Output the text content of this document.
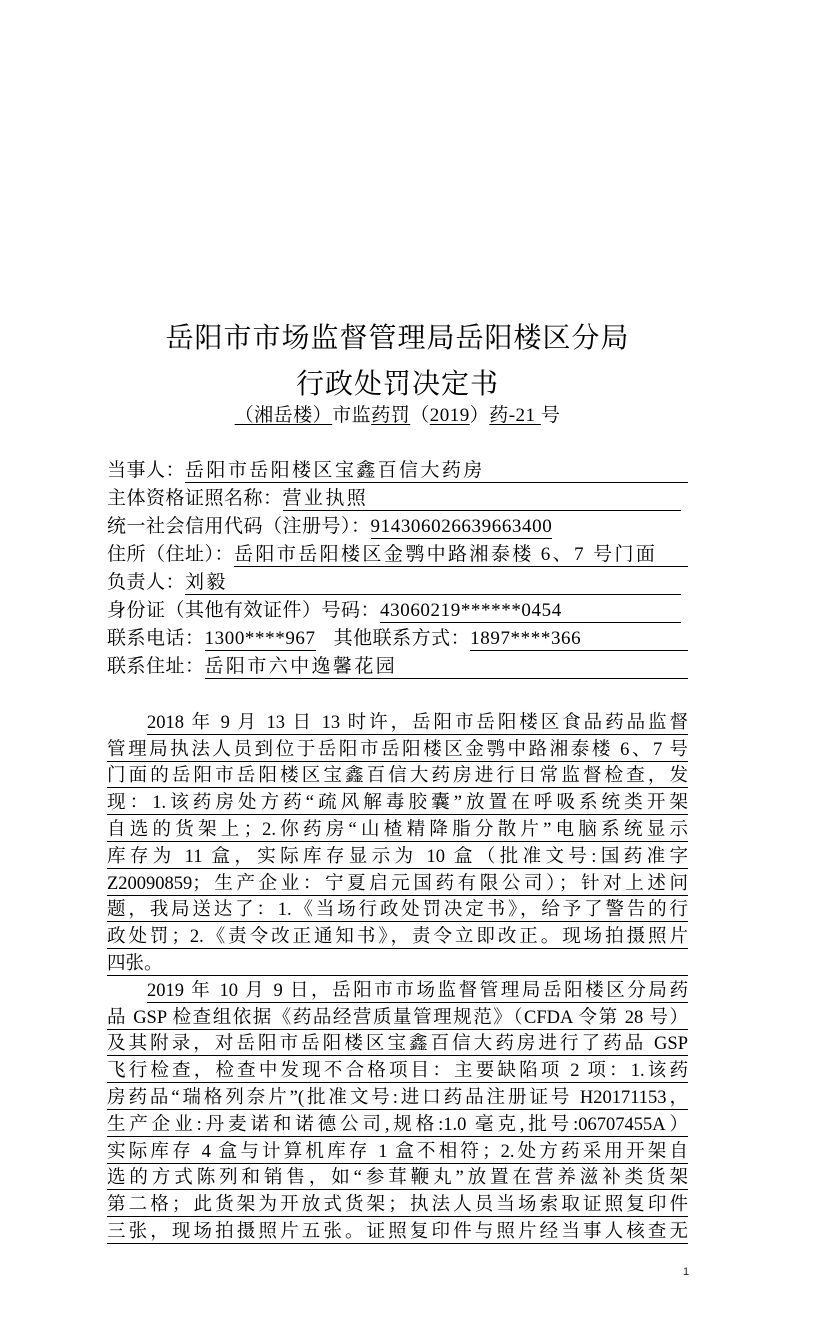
岳阳市市场监督管理局岳阳楼区分局
行政处罚决定书
（湘岳楼）市监药罚（2019）药-21 号
当事人： 岳阳市岳阳楼区宝鑫百信大药房
主体资格证照名称： 营业执照
统一社会信用代码（注册号）： 914306026639663400
住所（住址）： 岳阳市岳阳楼区金鹗中路湘泰楼 6、7 号门面
负责人： 刘毅
身份证（其他有效证件）号码： 43060219******0454
联系电话： 1300****967 其他联系方式： 1897****366
联系住址： 岳阳市六中逸馨花园
2018 年 9 月 13 日 13 时许，岳阳市岳阳楼区食品药品监督
管理局执法人员到位于岳阳市岳阳楼区金鹗中路湘泰楼 6、7 号
门面的岳阳市岳阳楼区宝鑫百信大药房进行日常监督检查，发
现：1.该药房处方药“疏风解毒胶囊”放置在呼吸系统类开架
自选的货架上；2.你药房“山楂精降脂分散片”电脑系统显示
库存为 11 盒，实际库存显示为 10 盒（批准文号:国药准字
Z20090859；生产企业：宁夏启元国药有限公司）；针对上述问
题，我局送达了：1.《当场行政处罚决定书》，给予了警告的行
政处罚；2.《责令改正通知书》，责令立即改正。现场拍摄照片
四张。
2019 年 10 月 9 日，岳阳市市场监督管理局岳阳楼区分局药
品 GSP 检查组依据《药品经营质量管理规范》（CFDA 令第 28 号）
及其附录，对岳阳市岳阳楼区宝鑫百信大药房进行了药品 GSP
飞行检查，检查中发现不合格项目：主要缺陷项 2 项：1.该药
房药品“瑞格列奈片”(批准文号:进口药品注册证号 H20171153，
生产企业:丹麦诺和诺德公司,规格:1.0 毫克,批号:06707455A）
实际库存 4 盒与计算机库存 1 盒不相符；2.处方药采用开架自
选的方式陈列和销售，如“参茸鞭丸”放置在营养滋补类货架
第二格；此货架为开放式货架；执法人员当场索取证照复印件
三张，现场拍摄照片五张。证照复印件与照片经当事人核查无
1
